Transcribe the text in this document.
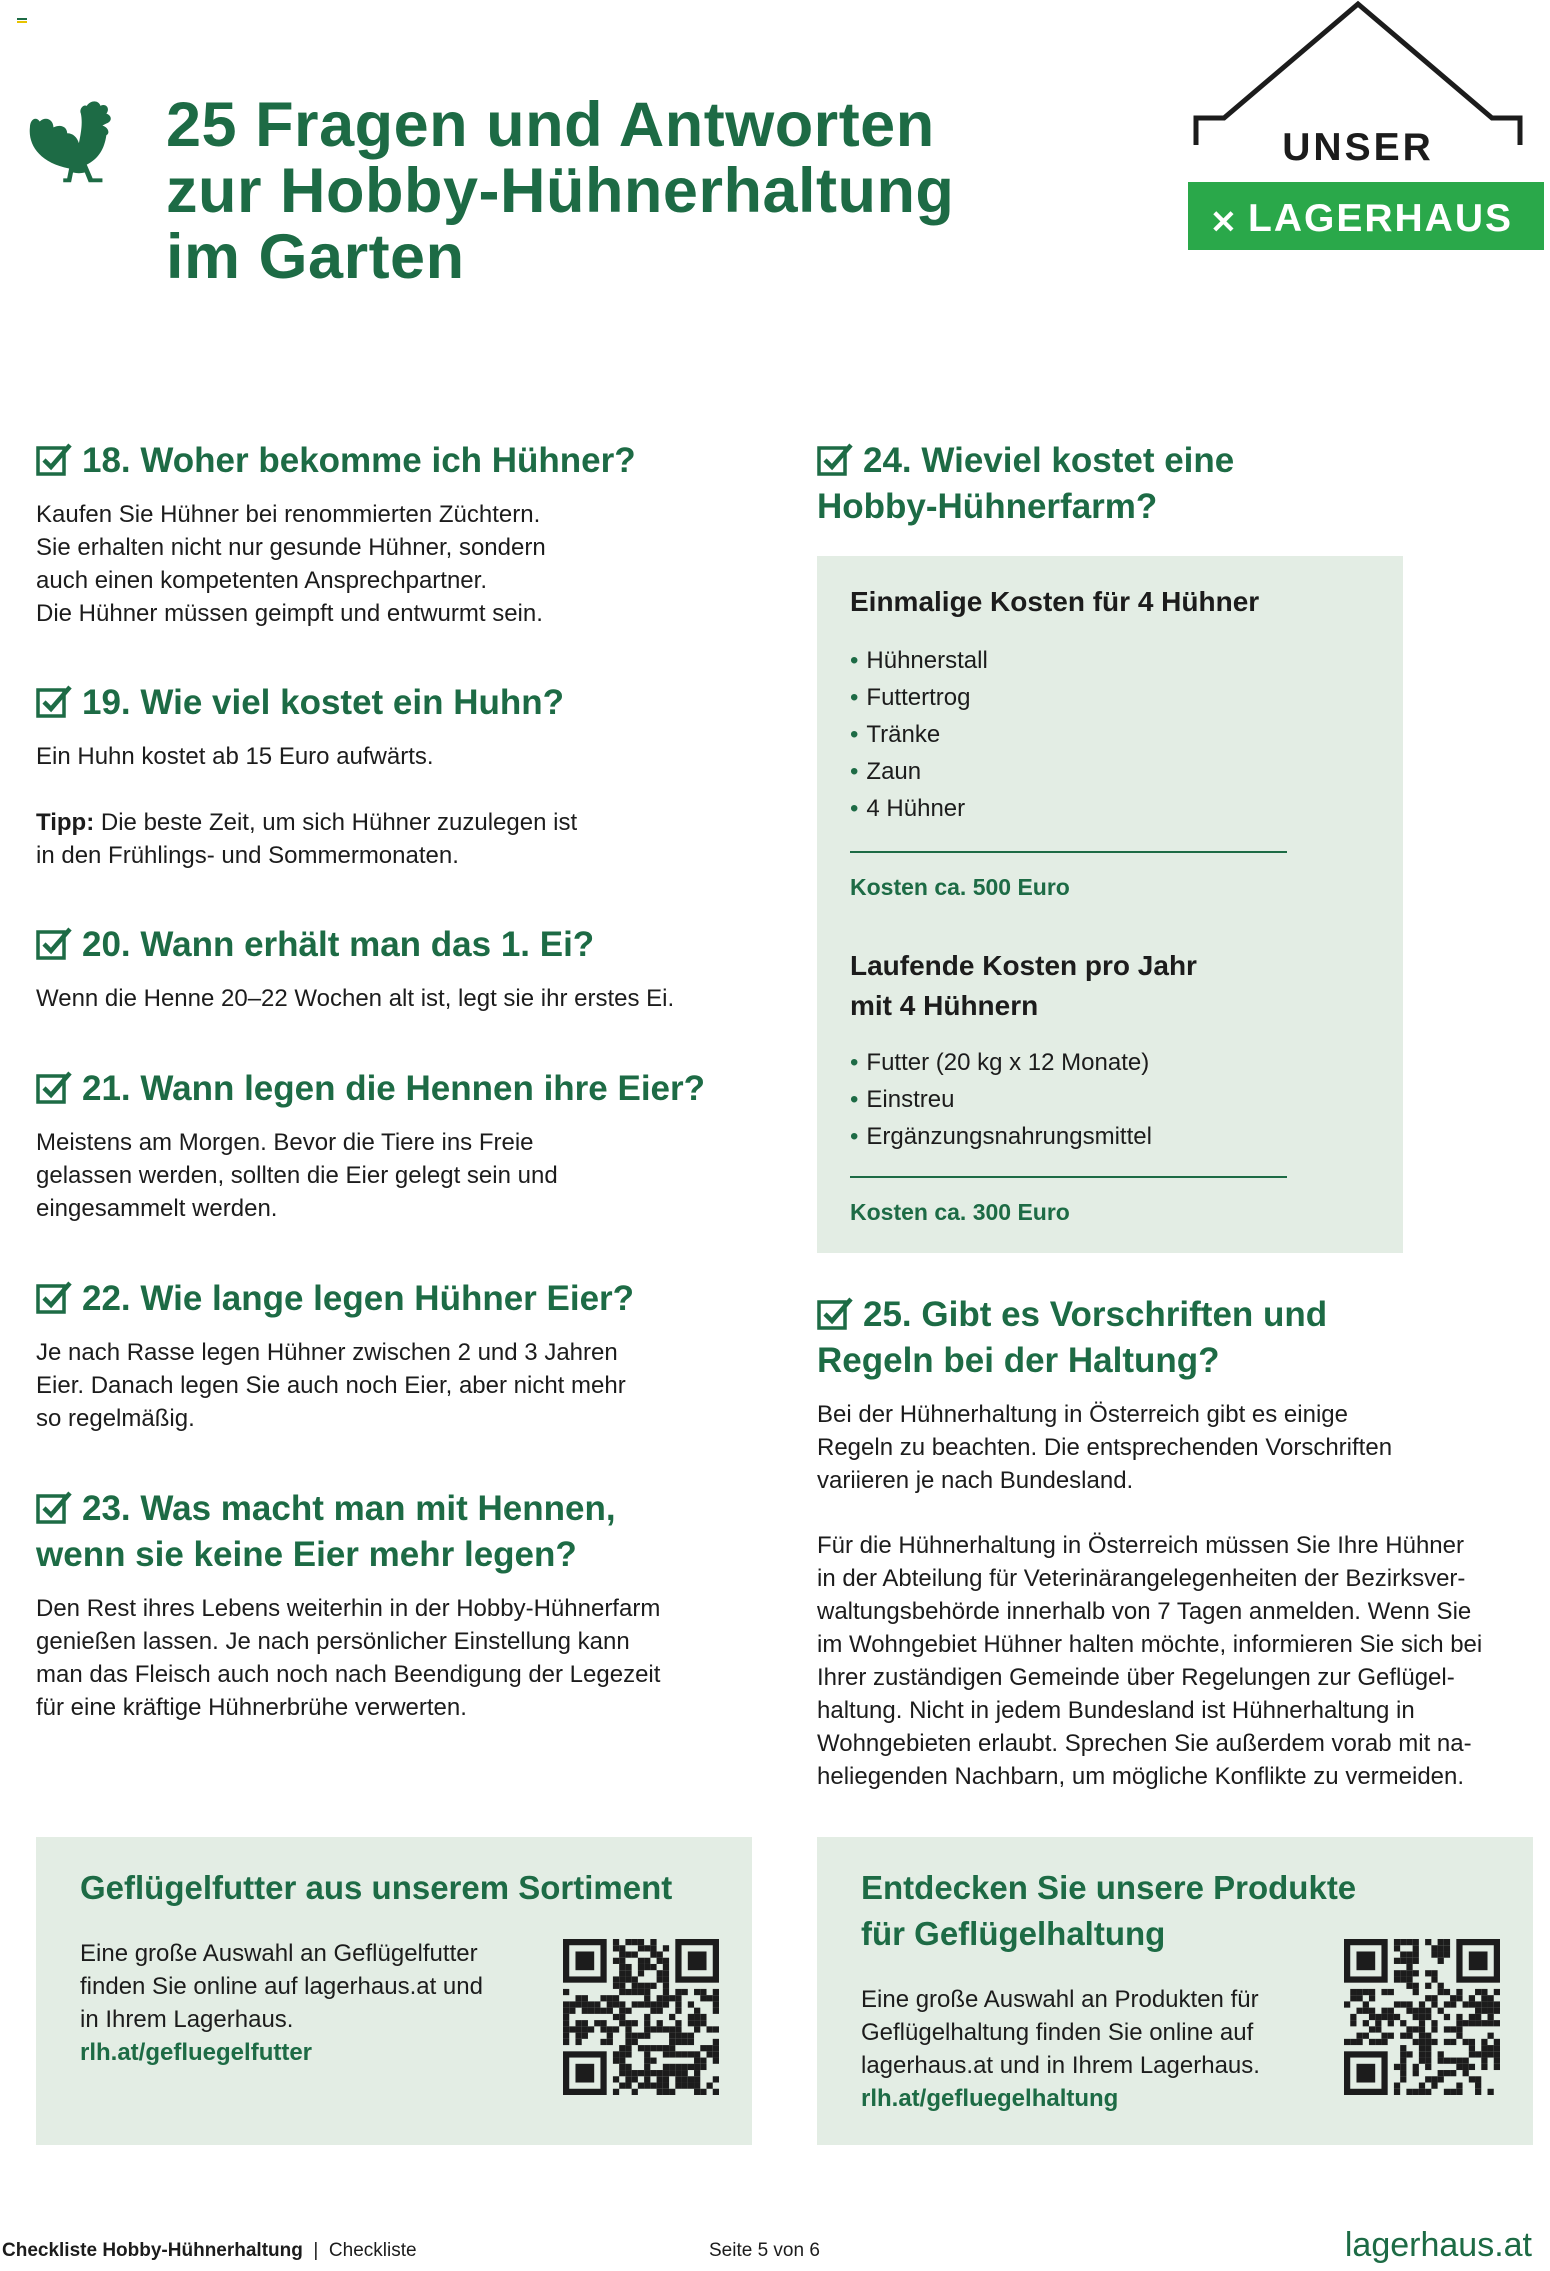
25 Fragen und Antworten
zur Hobby-Hühnerhaltung
im Garten
UNSER
✕ LAGERHAUS
18. Woher bekomme ich Hühner?
Kaufen Sie Hühner bei renommierten Züchtern.
Sie erhalten nicht nur gesunde Hühner, sondern
auch einen kompetenten Ansprechpartner.
Die Hühner müssen geimpft und entwurmt sein.
19. Wie viel kostet ein Huhn?
Ein Huhn kostet ab 15 Euro aufwärts.
Tipp: Die beste Zeit, um sich Hühner zuzulegen ist
in den Frühlings- und Sommermonaten.
20. Wann erhält man das 1. Ei?
Wenn die Henne 20–22 Wochen alt ist, legt sie ihr erstes Ei.
21. Wann legen die Hennen ihre Eier?
Meistens am Morgen. Bevor die Tiere ins Freie
gelassen werden, sollten die Eier gelegt sein und
eingesammelt werden.
22. Wie lange legen Hühner Eier?
Je nach Rasse legen Hühner zwischen 2 und 3 Jahren
Eier. Danach legen Sie auch noch Eier, aber nicht mehr
so regelmäßig.
23. Was macht man mit Hennen,
wenn sie keine Eier mehr legen?
Den Rest ihres Lebens weiterhin in der Hobby-Hühnerfarm
genießen lassen. Je nach persönlicher Einstellung kann
man das Fleisch auch noch nach Beendigung der Legezeit
für eine kräftige Hühnerbrühe verwerten.
24. Wieviel kostet eine
Hobby-Hühnerfarm?
Einmalige Kosten für 4 Hühner
• Hühnerstall
• Futtertrog
• Tränke
• Zaun
• 4 Hühner
Kosten ca. 500 Euro
Laufende Kosten pro Jahr
mit 4 Hühnern
• Futter (20 kg x 12 Monate)
• Einstreu
• Ergänzungsnahrungsmittel
Kosten ca. 300 Euro
25. Gibt es Vorschriften und
Regeln bei der Haltung?
Bei der Hühnerhaltung in Österreich gibt es einige
Regeln zu beachten. Die entsprechenden Vorschriften
variieren je nach Bundesland.
Für die Hühnerhaltung in Österreich müssen Sie Ihre Hühner
in der Abteilung für Veterinärangelegenheiten der Bezirksver-
waltungsbehörde innerhalb von 7 Tagen anmelden. Wenn Sie
im Wohngebiet Hühner halten möchte, informieren Sie sich bei
Ihrer zuständigen Gemeinde über Regelungen zur Geflügel-
haltung. Nicht in jedem Bundesland ist Hühnerhaltung in
Wohngebieten erlaubt. Sprechen Sie außerdem vorab mit na-
heliegenden Nachbarn, um mögliche Konflikte zu vermeiden.
Geflügelfutter aus unserem Sortiment
Eine große Auswahl an Geflügelfutter
finden Sie online auf lagerhaus.at und
in Ihrem Lagerhaus.
rlh.at/gefluegelfutter
Entdecken Sie unsere Produkte
für Geflügelhaltung
Eine große Auswahl an Produkten für
Geflügelhaltung finden Sie online auf
lagerhaus.at und in Ihrem Lagerhaus.
rlh.at/gefluegelhaltung
Checkliste Hobby-Hühnerhaltung | Checkliste	Seite 5 von 6	lagerhaus.at
